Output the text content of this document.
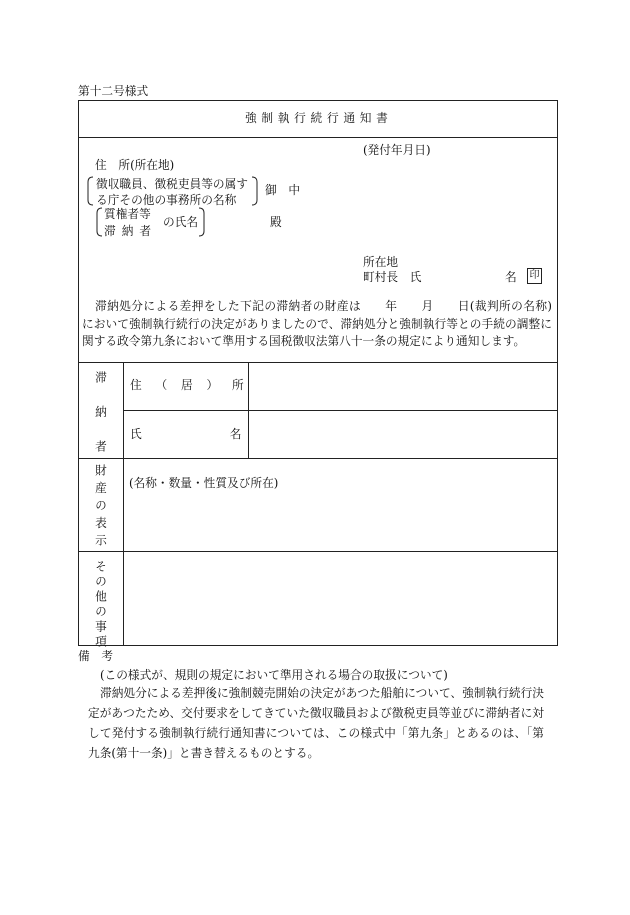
第十二号様式
強制執行続行通知書
(発付年月日)
住　所(所在地)
徴収職員、徴税吏員等の属す
る庁その他の事務所の名称
御　中
質権者等
滞納者
の氏名	殿
所在地
町村長　氏	名 印
滞納処分による差押をした下記の滞納者の財産は　　年　　月　　日(裁判所の名称)
において強制執行続行の決定がありましたので、滞納処分と強制執行等との手続の調整に
関する政令第九条において準用する国税徴収法第八十一条の規定により通知します。
滞納者 住（居）所
氏名
財産の表示 (名称・数量・性質及び所在)
その他の事項
備　考
(この様式が、規則の規定において準用される場合の取扱について)
滞納処分による差押後に強制競売開始の決定があつた船舶について、強制執行続行決
定があつたため、交付要求をしてきていた徴収職員および徴税吏員等並びに滞納者に対
して発付する強制執行続行通知書については、この様式中「第九条」とあるのは、「第
九条(第十一条)」と書き替えるものとする。
